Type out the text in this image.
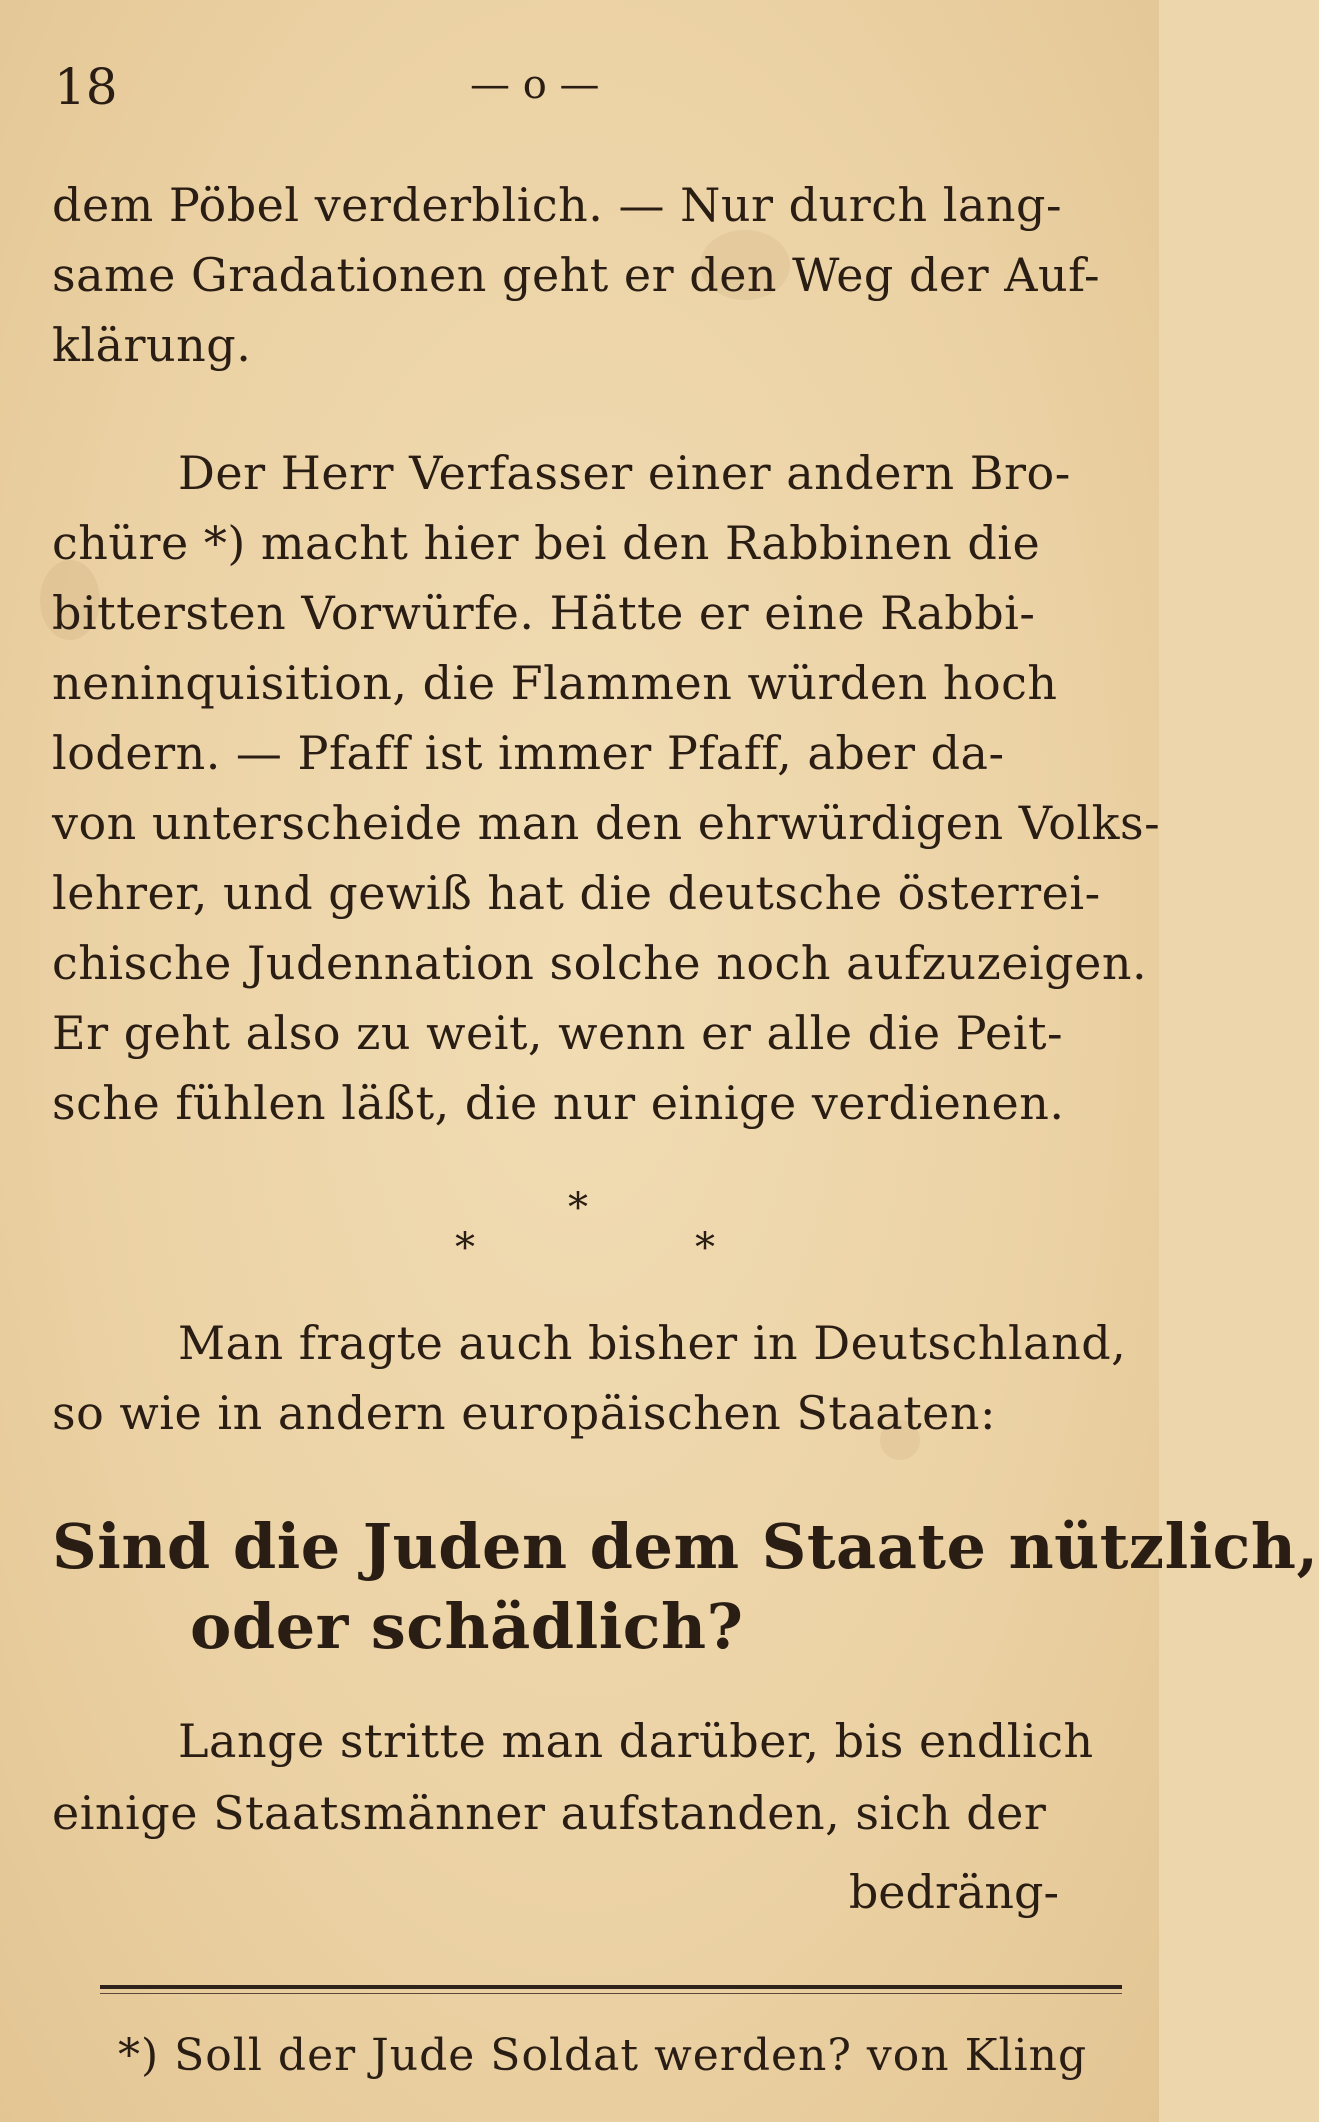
18	— o —
dem Pöbel verderblich. — Nur durch lang-
same Gradationen geht er den Weg der Auf-
klärung.
Der Herr Verfasser einer andern Bro-
chüre *) macht hier bei den Rabbinen die
bittersten Vorwürfe. Hätte er eine Rabbi-
neninquisition, die Flammen würden hoch
lodern. — Pfaff ist immer Pfaff, aber da-
von unterscheide man den ehrwürdigen Volks-
lehrer, und gewiß hat die deutsche österrei-
chische Judennation solche noch aufzuzeigen.
Er geht also zu weit, wenn er alle die Peit-
sche fühlen läßt, die nur einige verdienen.
*
*	*
Man fragte auch bisher in Deutschland,
so wie in andern europäischen Staaten:
Sind die Juden dem Staate nützlich,
oder schädlich?
Lange stritte man darüber, bis endlich
einige Staatsmänner aufstanden, sich der
bedräng-
*) Soll der Jude Soldat werden? von Kling
